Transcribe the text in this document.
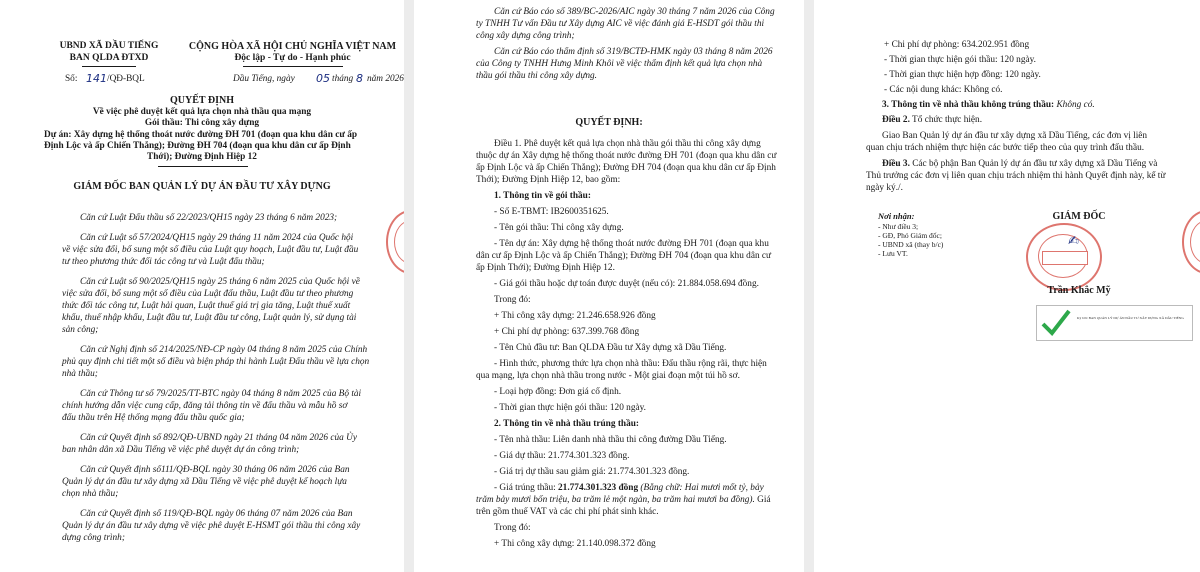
UBND XÃ DẦU TIẾNG
BAN QLDA ĐTXD
CỘNG HÒA XÃ HỘI CHỦ NGHĨA VIỆT NAM
Độc lập - Tự do - Hạnh phúc
Số: 141 /QĐ-BQL	Dầu Tiếng, ngày 05 tháng 8 năm 2026
QUYẾT ĐỊNH
Về việc phê duyệt kết quả lựa chọn nhà thầu qua mạng
Gói thầu: Thi công xây dựng
Dự án: Xây dựng hệ thống thoát nước đường ĐH 701 (đoạn qua khu dân cư ấp
Định Lộc và ấp Chiến Thắng); Đường ĐH 704 (đoạn qua khu dân cư ấp Định
Thới); Đường Định Hiệp 12
GIÁM ĐỐC BAN QUẢN LÝ DỰ ÁN ĐẦU TƯ XÂY DỰNG
Căn cứ Luật Đấu thầu số 22/2023/QH15 ngày 23 tháng 6 năm 2023;
Căn cứ Luật số 57/2024/QH15 ngày 29 tháng 11 năm 2024 của Quốc hội
về việc sửa đổi, bổ sung một số điều của Luật quy hoạch, Luật đầu tư, Luật đầu
tư theo phương thức đối tác công tư và Luật đấu thầu;
Căn cứ Luật số 90/2025/QH15 ngày 25 tháng 6 năm 2025 của Quốc hội về
việc sửa đổi, bổ sung một số điều của Luật đấu thầu, Luật đầu tư theo phương
thức đối tác công tư, Luật hải quan, Luật thuế giá trị gia tăng, Luật thuế xuất
khẩu, thuế nhập khẩu, Luật đầu tư, Luật đầu tư công, Luật quản lý, sử dụng tài
sản công;
Căn cứ Nghị định số 214/2025/NĐ-CP ngày 04 tháng 8 năm 2025 của Chính
phủ quy định chi tiết một số điều và biện pháp thi hành Luật Đấu thầu về lựa chọn
nhà thầu;
Căn cứ Thông tư số 79/2025/TT-BTC ngày 04 tháng 8 năm 2025 của Bộ tài
chính hướng dẫn việc cung cấp, đăng tải thông tin về đấu thầu và mẫu hồ sơ
đấu thầu trên Hệ thống mạng đấu thầu quốc gia;
Căn cứ Quyết định số 892/QĐ-UBND ngày 21 tháng 04 năm 2026 của Ủy
ban nhân dân xã Dầu Tiếng về việc phê duyệt dự án công trình;
Căn cứ Quyết định số111/QĐ-BQL ngày 30 tháng 06 năm 2026 của Ban
Quản lý dự án đầu tư xây dựng xã Dầu Tiếng về việc phê duyệt kế hoạch lựa
chọn nhà thầu;
Căn cứ Quyết định số 119/QĐ-BQL ngày 06 tháng 07 năm 2026 của Ban
Quản lý dự án đầu tư xây dựng về việc phê duyệt E-HSMT gói thầu thi công xây
dựng công trình;
Căn cứ Báo cáo số 389/BC-2026/AIC ngày 30 tháng 7 năm 2026 của Công
ty TNHH Tư vấn Đầu tư Xây dựng AIC về việc đánh giá E-HSDT gói thầu thi
công xây dựng công trình;
Căn cứ Báo cáo thẩm định số 319/BCTĐ-HMK ngày 03 tháng 8 năm 2026
của Công ty TNHH Hưng Minh Khôi về việc thẩm định kết quả lựa chọn nhà
thầu gói thầu thi công xây dựng.
QUYẾT ĐỊNH:
Điều 1. Phê duyệt kết quả lựa chọn nhà thầu gói thầu thi công xây dựng
thuộc dự án Xây dựng hệ thống thoát nước đường ĐH 701 (đoạn qua khu dân cư
ấp Định Lộc và ấp Chiến Thắng); Đường ĐH 704 (đoạn qua khu dân cư ấp Định
Thới); Đường Định Hiệp 12, bao gồm:
1. Thông tin về gói thầu:
- Số E-TBMT: IB2600351625.
- Tên gói thầu: Thi công xây dựng.
- Tên dự án: Xây dựng hệ thống thoát nước đường ĐH 701 (đoạn qua khu
dân cư ấp Định Lộc và ấp Chiến Thắng); Đường ĐH 704 (đoạn qua khu dân cư
ấp Định Thới); Đường Định Hiệp 12.
- Giá gói thầu hoặc dự toán được duyệt (nếu có): 21.884.058.694 đồng.
Trong đó:
+ Thi công xây dựng: 21.246.658.926 đồng
+ Chi phí dự phòng: 637.399.768 đồng
- Tên Chủ đầu tư: Ban QLDA Đầu tư Xây dựng xã Dầu Tiếng.
- Hình thức, phương thức lựa chọn nhà thầu: Đấu thầu rộng rãi, thực hiện
qua mạng, lựa chọn nhà thầu trong nước - Một giai đoạn một túi hồ sơ.
- Loại hợp đồng: Đơn giá cố định.
- Thời gian thực hiện gói thầu: 120 ngày.
2. Thông tin về nhà thầu trúng thầu:
- Tên nhà thầu: Liên danh nhà thầu thi công đường Dầu Tiếng.
- Giá dự thầu: 21.774.301.323 đồng.
- Giá trị dự thầu sau giảm giá: 21.774.301.323 đồng.
- Giá trúng thầu: 21.774.301.323 đồng (Bằng chữ: Hai mươi mốt tỷ, bảy
trăm bảy mươi bốn triệu, ba trăm lẻ một ngàn, ba trăm hai mươi ba đồng). Giá
trên gồm thuế VAT và các chi phí phát sinh khác.
Trong đó:
+ Thi công xây dựng: 21.140.098.372 đồng
+ Chi phí dự phòng: 634.202.951 đồng
- Thời gian thực hiện gói thầu: 120 ngày.
- Thời gian thực hiện hợp đồng: 120 ngày.
- Các nội dung khác: Không có.
3. Thông tin về nhà thầu không trúng thầu: Không có.
Điều 2. Tổ chức thực hiện.
Giao Ban Quản lý dự án đầu tư xây dựng xã Dầu Tiếng, các đơn vị liên
quan chịu trách nhiệm thực hiện các bước tiếp theo của quy trình đấu thầu.
Điều 3. Các bộ phận Ban Quản lý dự án đầu tư xây dựng xã Dầu Tiếng và
Thủ trưởng các đơn vị liên quan chịu trách nhiệm thi hành Quyết định này, kể từ
ngày ký./.
Nơi nhận:
- Như điều 3;
- GĐ, Phó Giám đốc;
- UBND xã (thay b/c)
- Lưu VT.
GIÁM ĐỐC
✍
Trần Khắc Mỹ
Ký bởi: BAN QUẢN LÝ DỰ ÁN ĐẦU TƯ XÂY DỰNG XÃ DẦU TIẾNG
